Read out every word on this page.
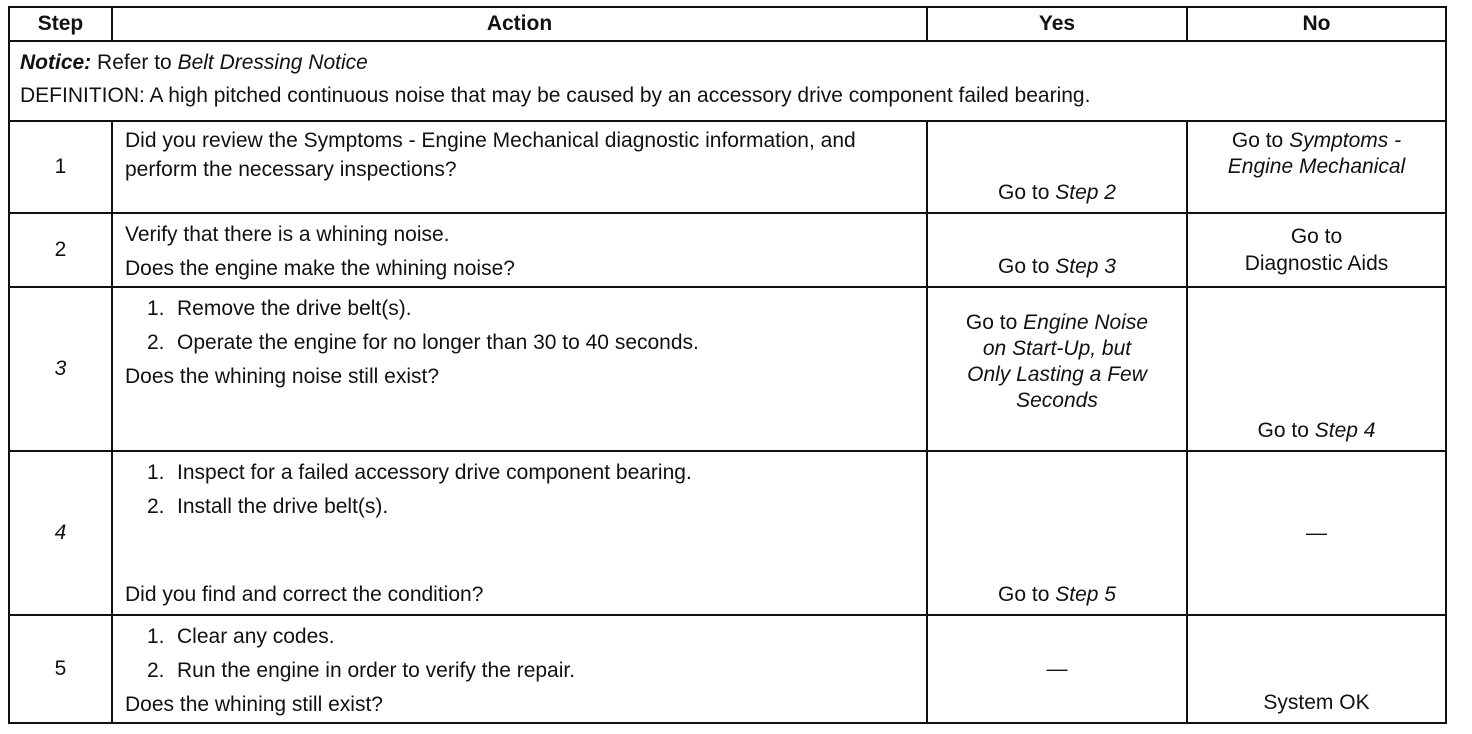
Step	Action	Yes	No

Notice: Refer to Belt Dressing Notice
DEFINITION: A high pitched continuous noise that may be caused by an accessory drive component failed bearing.			

1	Did you review the Symptoms - Engine Mechanical diagnostic information, and perform the necessary inspections?	Go to Step 2	Go to Symptoms -
Engine Mechanical

2	Verify that there is a whining noise.
Does the engine make the whining noise?	Go to Step 3	Go to
Diagnostic Aids

3	1. Remove the drive belt(s).
2. Operate the engine for no longer than 30 to 40 seconds.
Does the whining noise still exist?	Go to Engine Noise
on Start-Up, but
Only Lasting a Few
Seconds	Go to Step 4

4	1. Inspect for a failed accessory drive component bearing.
2. Install the drive belt(s).
Did you find and correct the condition?	Go to Step 5	—

5	1. Clear any codes.
2. Run the engine in order to verify the repair.
Does the whining still exist?	—	System OK
